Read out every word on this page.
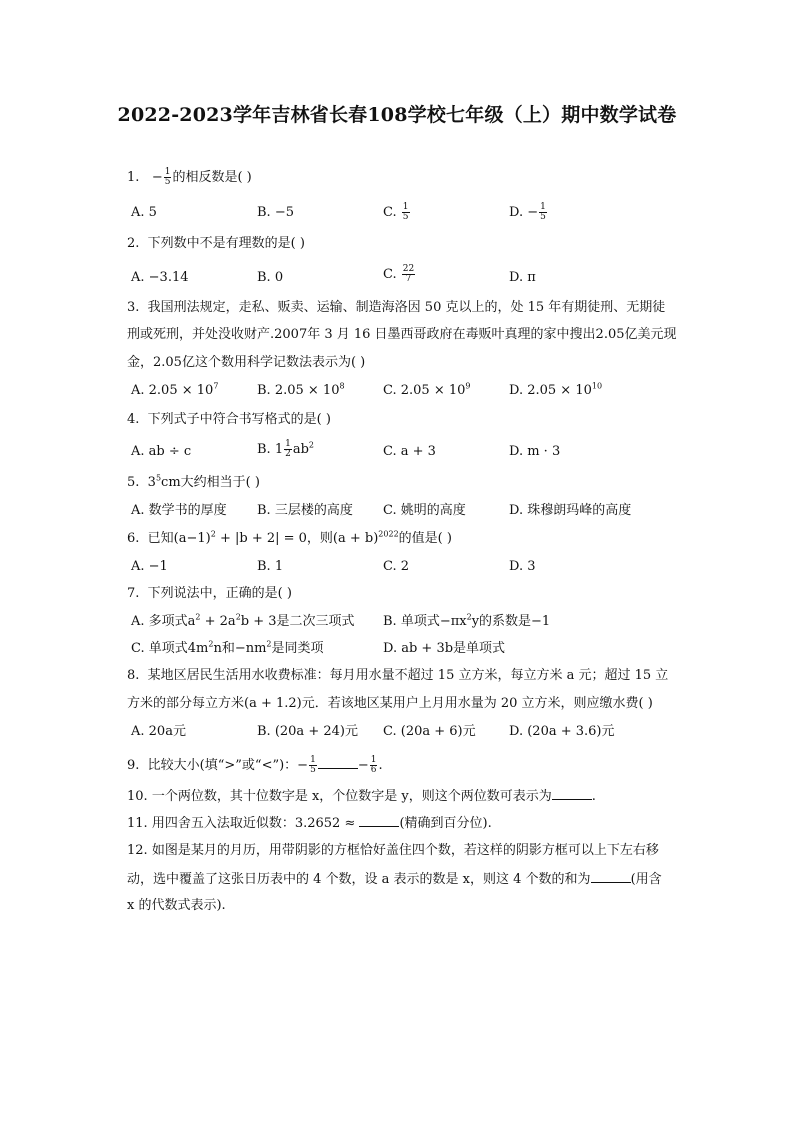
2022-2023学年吉林省长春108学校七年级（上）期中数学试卷
1. − $\frac{1}{5}$ 的相反数是( )
A. 5	B. −5	C. $\frac{1}{5}$	D. − $\frac{1}{5}$
2. 下列数中不是有理数的是( )
A. −3.14	B. 0	C. $\frac{22}{7}$	D. π
3. 我国刑法规定，走私、贩卖、运输、制造海洛因 50 克以上的，处 15 年有期徒刑、无期徒
刑或死刑，并处没收财产.2007年 3 月 16 日墨西哥政府在毒贩叶真理的家中搜出2.05亿美元现
金，2.05亿这个数用科学记数法表示为( )
A. $2.05 \times 10^7$	B. $2.05 \times 10^8$	C. $2.05 \times 10^9$	D. $2.05 \times 10^{10}$
4. 下列式子中符合书写格式的是( )
A. ab ÷ c	B. $1 \frac{1}{2} ab^2$	C. a + 3	D. m · 3
5. $3^5cm$大约相当于( )
A. 数学书的厚度 B. 三层楼的高度 C. 姚明的高度	D. 珠穆朗玛峰的高度
6. 已知$(a-1)^2 + |b + 2| = 0$，则$(a + b)^{2022}$的值是( )
A. −1	B. 1	C. 2	D. 3
7. 下列说法中，正确的是( )
A. 多项式$a^2 + 2a^2b + 3$是二次三项式 B. 单项式$-\pi x^2y$的系数是−1
C. 单项式$4m^2n$和$-nm^2$是同类项	D. ab + 3b是单项式
8. 某地区居民生活用水收费标准：每月用水量不超过 15 立方米，每立方米 a 元；超过 15 立
方米的部分每立方米(a + 1.2)元．若该地区某用户上月用水量为 20 立方米，则应缴水费( )
A. 20a元	B. (20a + 24)元 C. (20a + 6)元	D. (20a + 3.6)元
9. 比较大小(填“>”或“<”)：− $\frac{1}{5}$	− $\frac{1}{6}$ .
10. 一个两位数，其十位数字是 x，个位数字是 y，则这个两位数可表示为	.
11. 用四舍五入法取近似数：3.2652 ≈	(精确到百分位).
12. 如图是某月的月历，用带阴影的方框恰好盖住四个数，若这样的阴影方框可以上下左右移
动，选中覆盖了这张日历表中的 4 个数，设 a 表示的数是 x，则这 4 个数的和为	(用含
x 的代数式表示).
